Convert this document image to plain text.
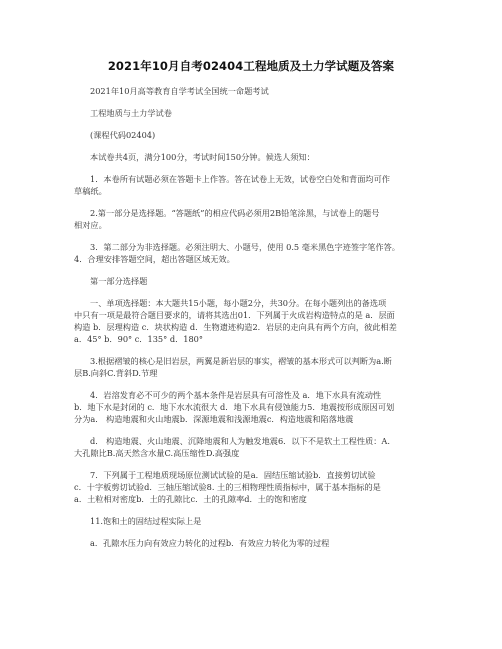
2021年10月自考02404工程地质及土力学试题及答案
2021年10月高等教育自学考试全国统一命题考试
工程地质与土力学试卷
(课程代码02404)
本试卷共4页，满分100分，考试时间150分钟。候选人须知：
1．本卷所有试题必须在答题卡上作答。答在试卷上无效，试卷空白处和背面均可作
草稿纸。
2.第一部分是选择题。“答题纸”的相应代码必须用2B铅笔涂黑，与试卷上的题号
相对应。
3．第二部分为非选择题。必须注明大、小题号，使用 0.5 毫米黑色字迹签字笔作答。
4．合理安排答题空间，超出答题区域无效。
第一部分选择题
一、单项选择题：本大题共15小题，每小题2分，共30分。在每小题列出的备选项
中只有一项是最符合题目要求的，请将其选出01．下列属于火成岩构造特点的是 a．层面
构造 b．层理构造 c．块状构造 d．生物遗迹构造2．岩层的走向具有两个方向，彼此相差
a．45° b．90° c．135° d．180°
3.根据褶皱的核心是旧岩层，两翼是新岩层的事实，褶皱的基本形式可以判断为a.断
层B.向斜C.背斜D.节理
4．岩溶发育必不可少的两个基本条件是岩层具有可溶性及 a．地下水具有流动性
b．地下水是封闭的 c．地下水水流很大 d．地下水具有侵蚀能力5．地震按形成原因可划
分为a． 构造地震和火山地震b．深源地震和浅源地震c．构造地震和陷落地震
d． 构造地震、火山地震、沉降地震和人为触发地震6．以下不是软土工程性质：A.
大孔隙比B.高天然含水量C.高压缩性D.高强度
7．下列属于工程地质现场原位测试试验的是a．固结压缩试验b．直接剪切试验
c．十字板剪切试验d．三轴压缩试验8. 土的三相物理性质指标中，属于基本指标的是
a．土粒相对密度b．土的孔隙比c．土的孔隙率d．土的饱和密度
11.饱和土的固结过程实际上是
a．孔隙水压力向有效应力转化的过程b．有效应力转化为零的过程
